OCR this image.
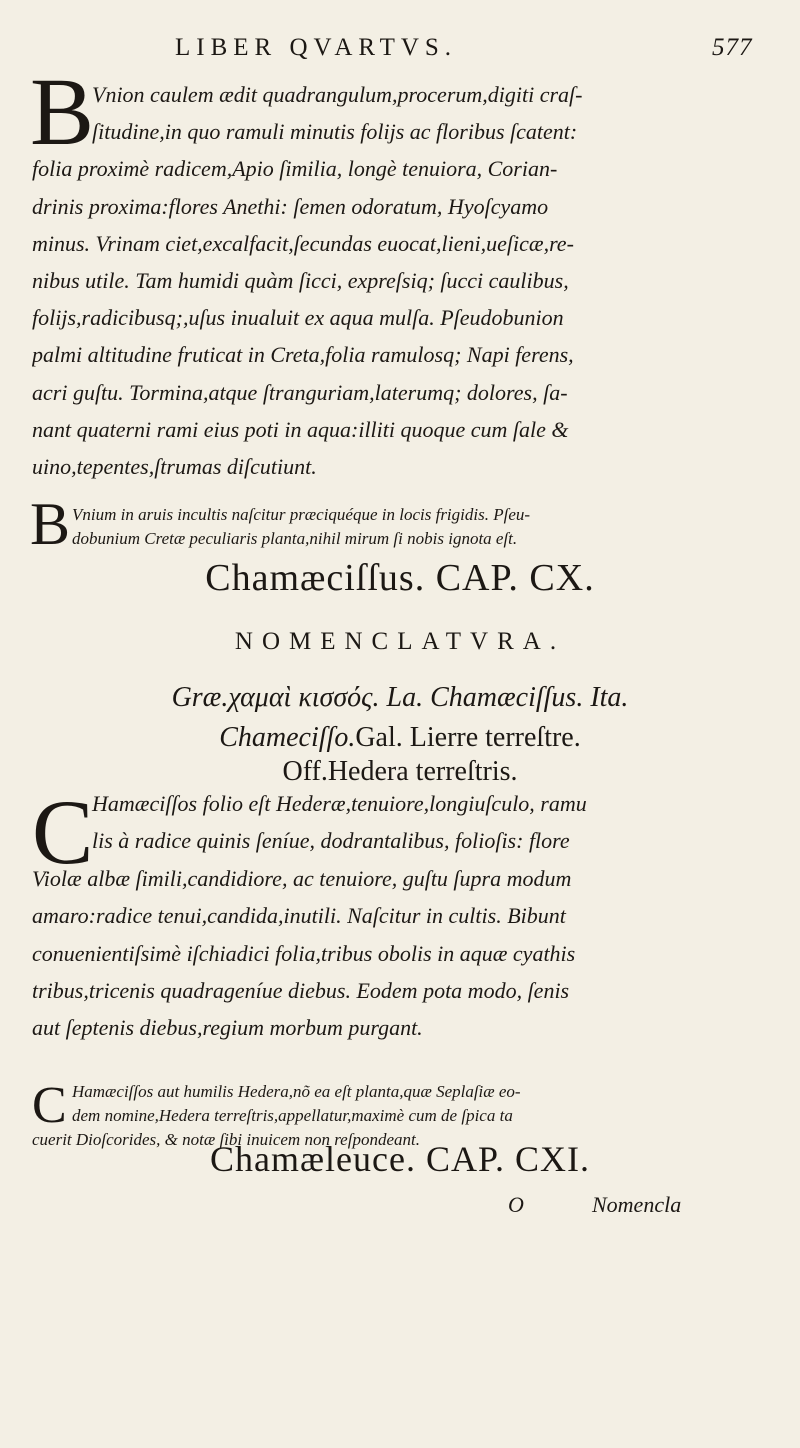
LIBER QVARTVS.	577
B
Vnion caulem ædit quadrangulum,procerum,digiti craſ-
ſitudine,in quo ramuli minutis folijs ac floribus ſcatent:
folia proximè radicem,Apio ſimilia, longè tenuiora, Corian-
drinis proxima:flores Anethi: ſemen odoratum, Hyoſcyamo
minus. Vrinam ciet,excalfacit,ſecundas euocat,lieni,ueſicæ,re-
nibus utile. Tam humidi quàm ſicci, expreſsiq; ſucci caulibus,
folijs,radicibusq;,uſus inualuit ex aqua mulſa. Pſeudobunion
palmi altitudine fruticat in Creta,folia ramulosq; Napi ferens,
acri guſtu. Tormina,atque ſtranguriam,laterumq; dolores, ſa-
nant quaterni rami eius poti in aqua:illiti quoque cum ſale &
uino,tepentes,ſtrumas diſcutiunt.
B Vnium in aruis incultis naſcitur præciquéque in locis frigidis. Pſeu-
dobunium Cretæ peculiaris planta,nihil mirum ſi nobis ignota eſt.
Chamæciſſus. CAP. CX.
NOMENCLATVRA.
Græ.χαμαὶ κισσός. La. Chamæciſſus. Ita.
Chameciſſo.Gal. Lierre terreſtre.
Off.Hedera terreſtris.
C
Hamæciſſos folio eſt Hederæ,tenuiore,longiuſculo, ramu
lis à radice quinis ſeníue, dodrantalibus, folioſis: flore
Violæ albæ ſimili,candidiore, ac tenuiore, guſtu ſupra modum
amaro:radice tenui,candida,inutili. Naſcitur in cultis. Bibunt
conuenientiſsimè iſchiadici folia,tribus obolis in aquæ cyathis
tribus,tricenis quadrageníue diebus. Eodem pota modo, ſenis
aut ſeptenis diebus,regium morbum purgant.
C Hamæciſſos aut humilis Hedera,nõ ea eſt planta,quæ Seplaſiæ eo-
dem nomine,Hedera terreſtris,appellatur,maximè cum de ſpica ta
cuerit Dioſcorides, & notæ ſibi inuicem non reſpondeant.
Chamæleuce. CAP. CXI.
O	Nomencla
